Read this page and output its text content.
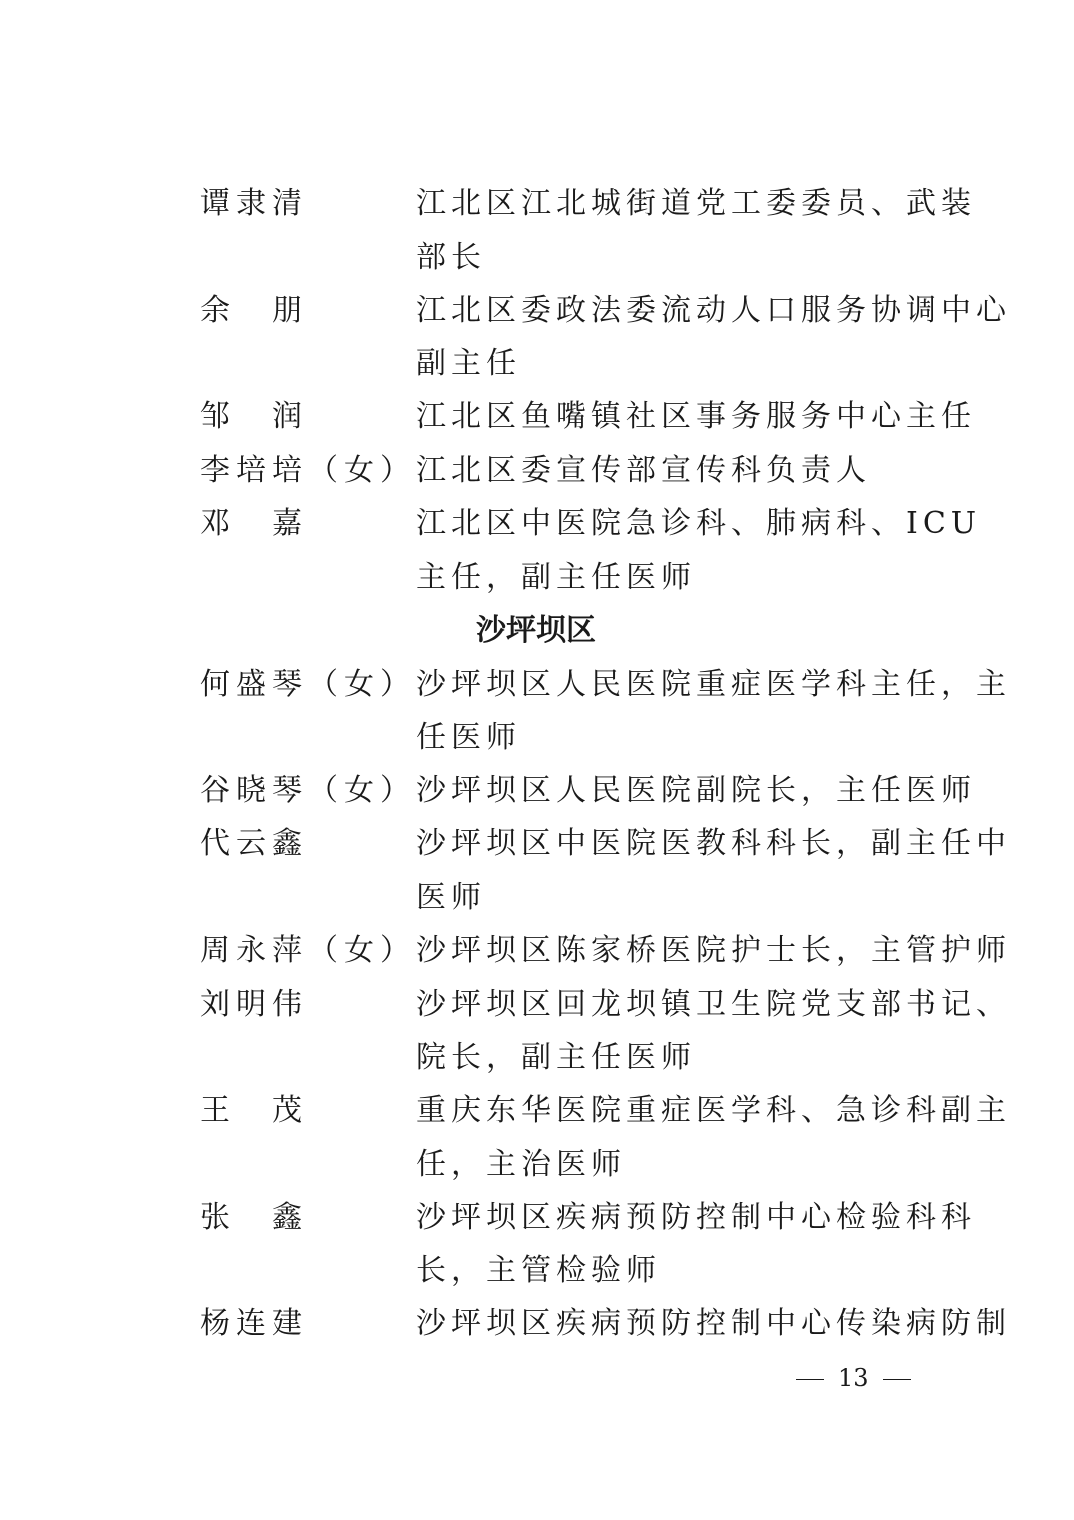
谭隶清	江北区江北城街道党工委委员、武装
部长
余　朋	江北区委政法委流动人口服务协调中心
副主任
邹　润	江北区鱼嘴镇社区事务服务中心主任
李培培（女） 江北区委宣传部宣传科负责人
邓　嘉	江北区中医院急诊科、肺病科、ICU
主任，副主任医师
沙坪坝区
何盛琴（女） 沙坪坝区人民医院重症医学科主任，主
任医师
谷晓琴（女） 沙坪坝区人民医院副院长，主任医师
代云鑫	沙坪坝区中医院医教科科长，副主任中
医师
周永萍（女） 沙坪坝区陈家桥医院护士长，主管护师
刘明伟	沙坪坝区回龙坝镇卫生院党支部书记、
院长，副主任医师
王　茂	重庆东华医院重症医学科、急诊科副主
任，主治医师
张　鑫	沙坪坝区疾病预防控制中心检验科科
长，主管检验师
杨连建	沙坪坝区疾病预防控制中心传染病防制
13
